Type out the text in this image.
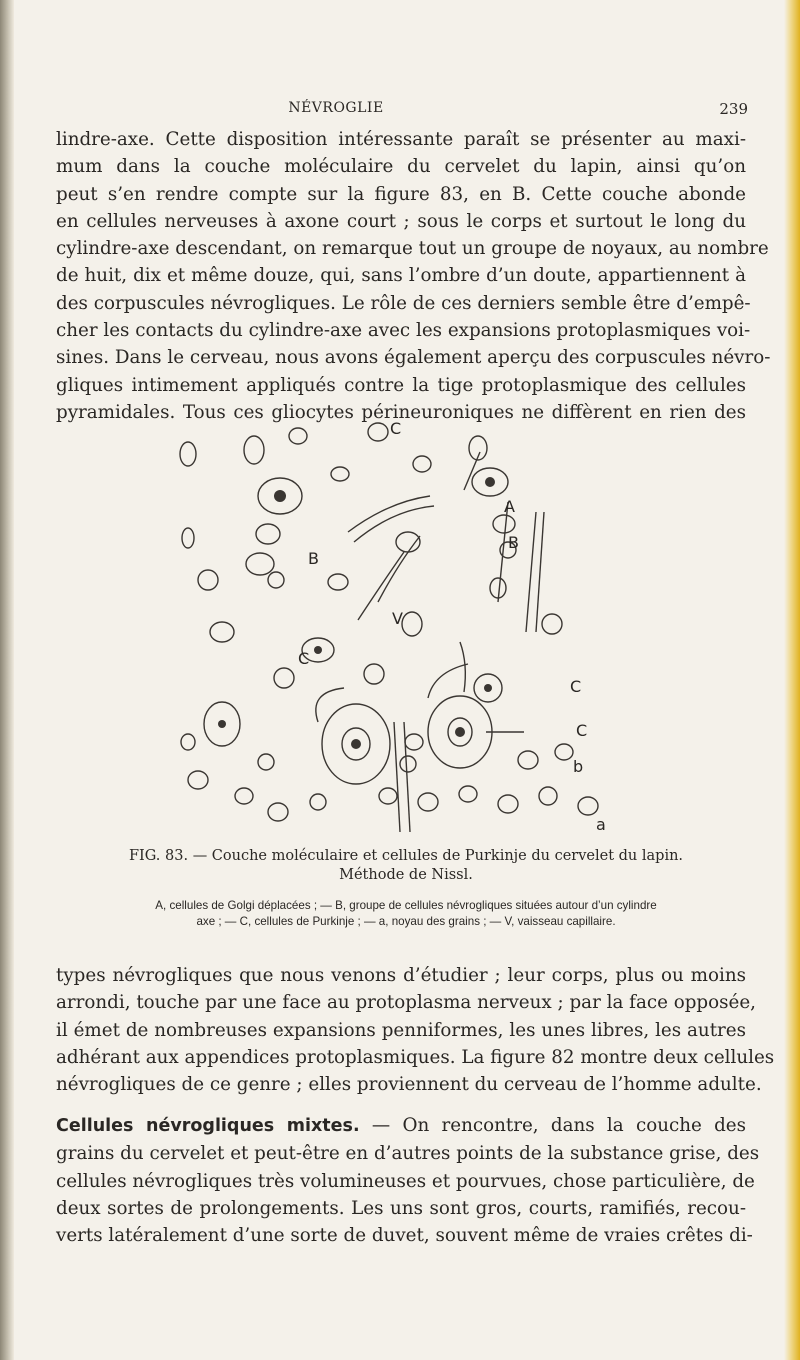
NÉVROGLIE	239

lindre-axe. Cette disposition intéressante paraît se présenter au maxi-
mum dans la couche moléculaire du cervelet du lapin, ainsi qu’on
peut s’en rendre compte sur la figure 83, en B. Cette couche abonde
en cellules nerveuses à axone court ; sous le corps et surtout le long du
cylindre-axe descendant, on remarque tout un groupe de noyaux, au nombre
de huit, dix et même douze, qui, sans l’ombre d’un doute, appartiennent à
des corpuscules névrogliques. Le rôle de ces derniers semble être d’empê-
cher les contacts du cylindre-axe avec les expansions protoplasmiques voi-
sines. Dans le cerveau, nous avons également aperçu des corpuscules névro-
gliques intimement appliqués contre la tige protoplasmique des cellules
pyramidales. Tous ces gliocytes périneuroniques ne diffèrent en rien des

A
B
B
C
C
C
C
V
b
a
FIG. 83. — Couche moléculaire et cellules de Purkinje du cervelet du lapin.
Méthode de Nissl.
A, cellules de Golgi déplacées ; — B, groupe de cellules névrogliques situées autour d’un cylindre
axe ; — C, cellules de Purkinje ; — a, noyau des grains ; — V, vaisseau capillaire.

types névrogliques que nous venons d’étudier ; leur corps, plus ou moins
arrondi, touche par une face au protoplasma nerveux ; par la face opposée,
il émet de nombreuses expansions penniformes, les unes libres, les autres
adhérant aux appendices protoplasmiques. La figure 82 montre deux cellules
névrogliques de ce genre ; elles proviennent du cerveau de l’homme adulte.

Cellules névrogliques mixtes. — On rencontre, dans la couche des
grains du cervelet et peut-être en d’autres points de la substance grise, des
cellules névrogliques très volumineuses et pourvues, chose particulière, de
deux sortes de prolongements. Les uns sont gros, courts, ramifiés, recou-
verts latéralement d’une sorte de duvet, souvent même de vraies crêtes di-
